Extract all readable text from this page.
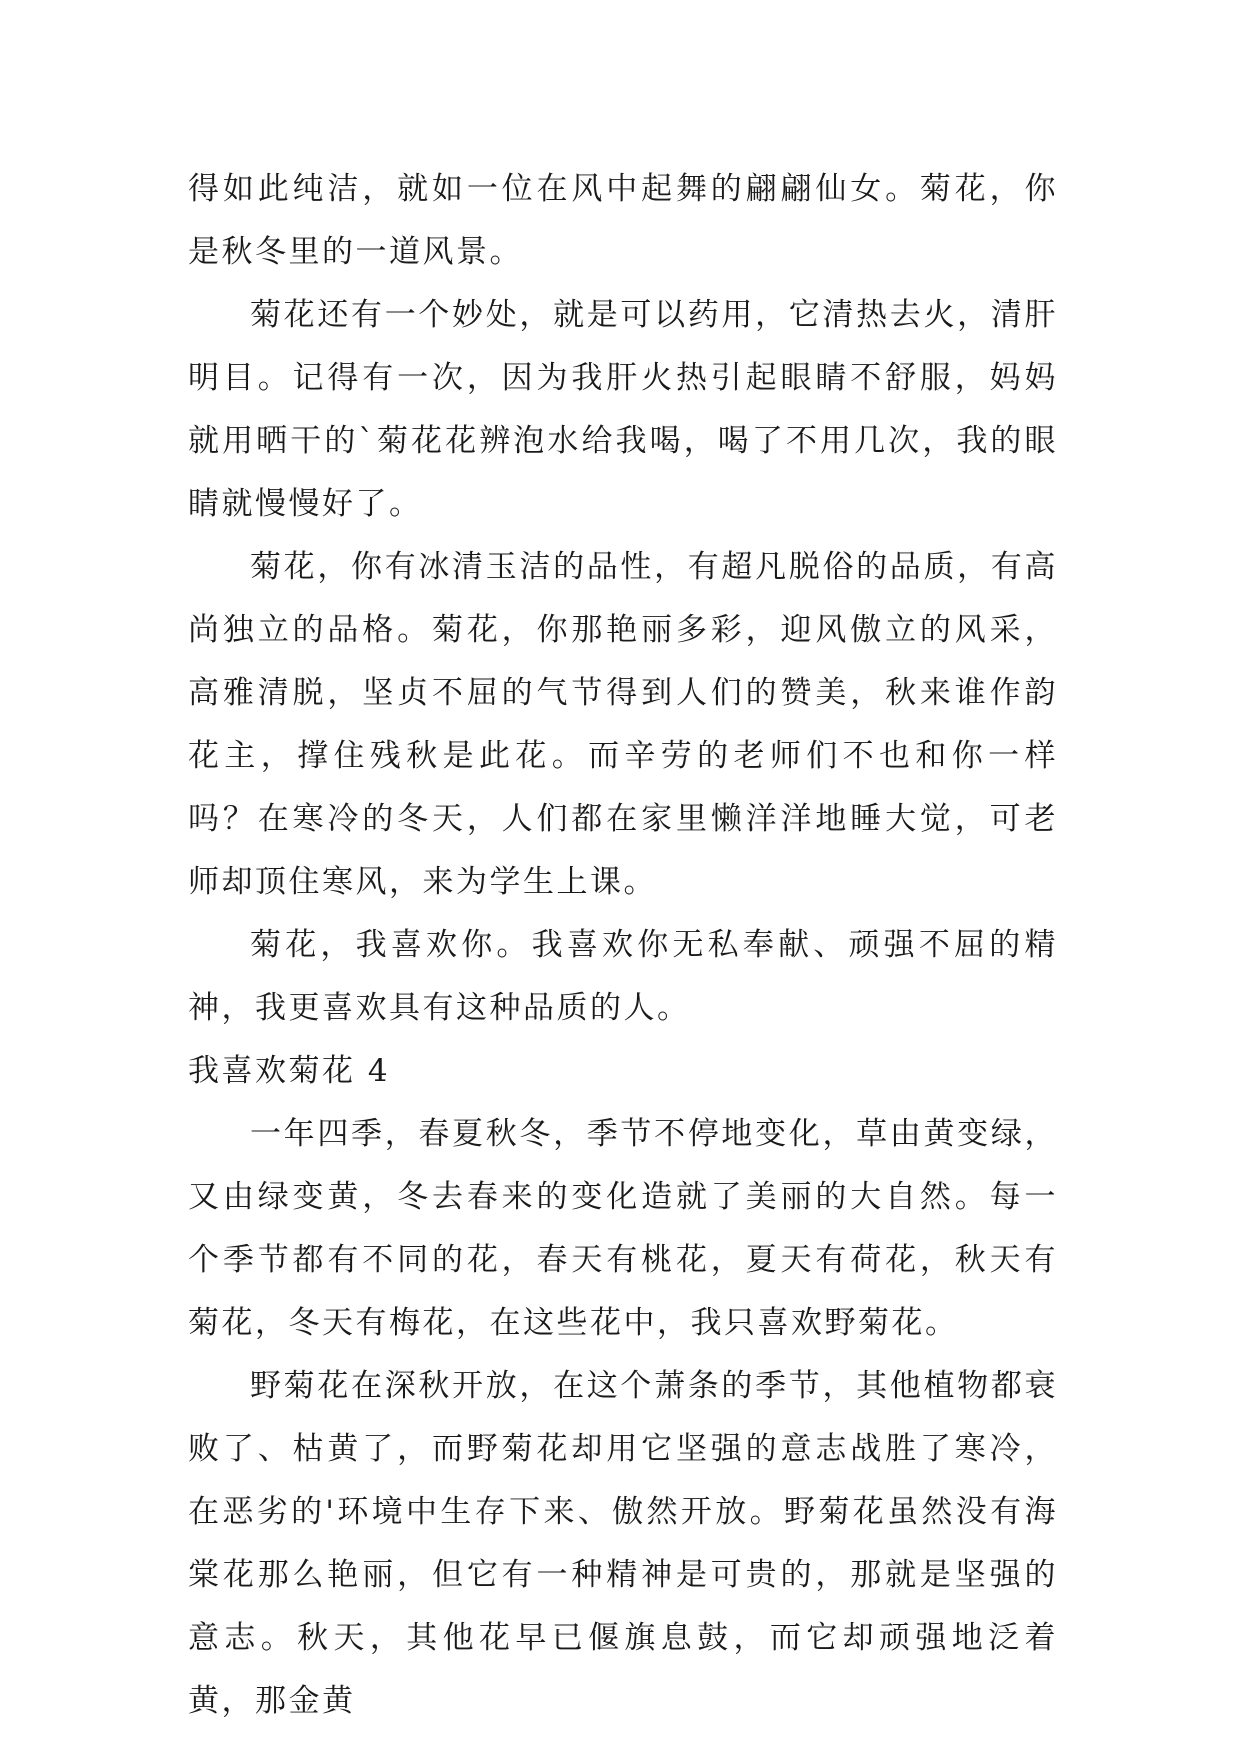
得如此纯洁，就如一位在风中起舞的翩翩仙女。菊花，你是秋冬里的一道风景。

菊花还有一个妙处，就是可以药用，它清热去火，清肝明目。记得有一次，因为我肝火热引起眼睛不舒服，妈妈就用晒干的`菊花花辨泡水给我喝，喝了不用几次，我的眼睛就慢慢好了。

菊花，你有冰清玉洁的品性，有超凡脱俗的品质，有高尚独立的品格。菊花，你那艳丽多彩，迎风傲立的风采，高雅清脱，坚贞不屈的气节得到人们的赞美，秋来谁作韵花主，撑住残秋是此花。而辛劳的老师们不也和你一样吗？在寒冷的冬天，人们都在家里懒洋洋地睡大觉，可老师却顶住寒风，来为学生上课。

菊花，我喜欢你。我喜欢你无私奉献、顽强不屈的精神，我更喜欢具有这种品质的人。

我喜欢菊花 4

一年四季，春夏秋冬，季节不停地变化，草由黄变绿，又由绿变黄，冬去春来的变化造就了美丽的大自然。每一个季节都有不同的花，春天有桃花，夏天有荷花，秋天有菊花，冬天有梅花，在这些花中，我只喜欢野菊花。

野菊花在深秋开放，在这个萧条的季节，其他植物都衰败了、枯黄了，而野菊花却用它坚强的意志战胜了寒冷，在恶劣的'环境中生存下来、傲然开放。野菊花虽然没有海棠花那么艳丽，但它有一种精神是可贵的，那就是坚强的意志。秋天，其他花早已偃旗息鼓，而它却顽强地泛着黄，那金黄
